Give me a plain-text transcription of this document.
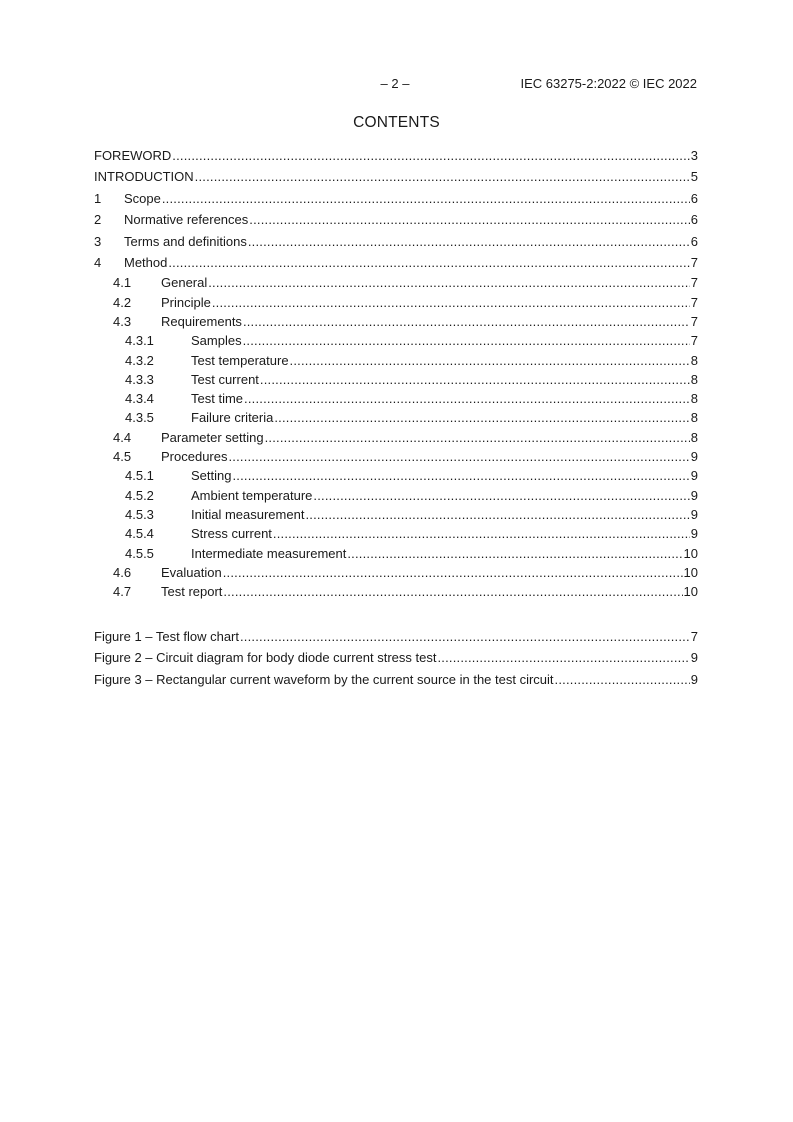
– 2 –	IEC 63275-2:2022 © IEC 2022
CONTENTS
FOREWORD .....	3
INTRODUCTION .....	5
1	Scope .....	6
2	Normative references .....	6
3	Terms and definitions .....	6
4	Method .....	7
4.1	General .....	7
4.2	Principle .....	7
4.3	Requirements .....	7
4.3.1	Samples .....	7
4.3.2	Test temperature .....	8
4.3.3	Test current .....	8
4.3.4	Test time .....	8
4.3.5	Failure criteria .....	8
4.4	Parameter setting .....	8
4.5	Procedures .....	9
4.5.1	Setting .....	9
4.5.2	Ambient temperature .....	9
4.5.3	Initial measurement .....	9
4.5.4	Stress current .....	9
4.5.5	Intermediate measurement .....	10
4.6	Evaluation .....	10
4.7	Test report .....	10
Figure 1 – Test flow chart .....	7
Figure 2 – Circuit diagram for body diode current stress test .....	9
Figure 3 – Rectangular current waveform by the current source in the test circuit .....	9
